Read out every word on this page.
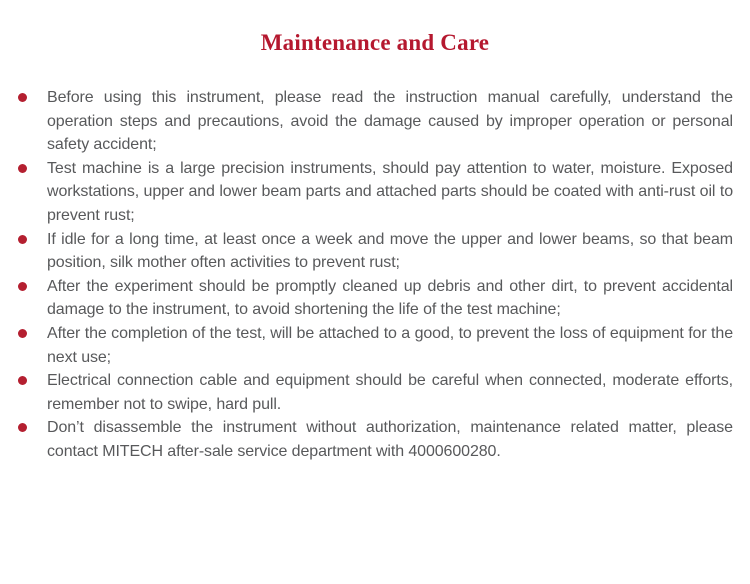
Maintenance and Care
Before using this instrument, please read the instruction manual carefully, understand the operation steps and precautions, avoid the damage caused by improper operation or personal safety accident;
Test machine is a large precision instruments, should pay attention to water, moisture. Exposed workstations, upper and lower beam parts and attached parts should be coated with anti-rust oil to prevent rust;
If idle for a long time, at least once a week and move the upper and lower beams, so that beam position, silk mother often activities to prevent rust;
After the experiment should be promptly cleaned up debris and other dirt, to prevent accidental damage to the instrument, to avoid shortening the life of the test machine;
After the completion of the test, will be attached to a good, to prevent the loss of equipment for the next use;
Electrical connection cable and equipment should be careful when connected, moderate efforts, remember not to swipe, hard pull.
Don’t disassemble the instrument without authorization, maintenance related matter, please contact MITECH after-sale service department with 4000600280.
